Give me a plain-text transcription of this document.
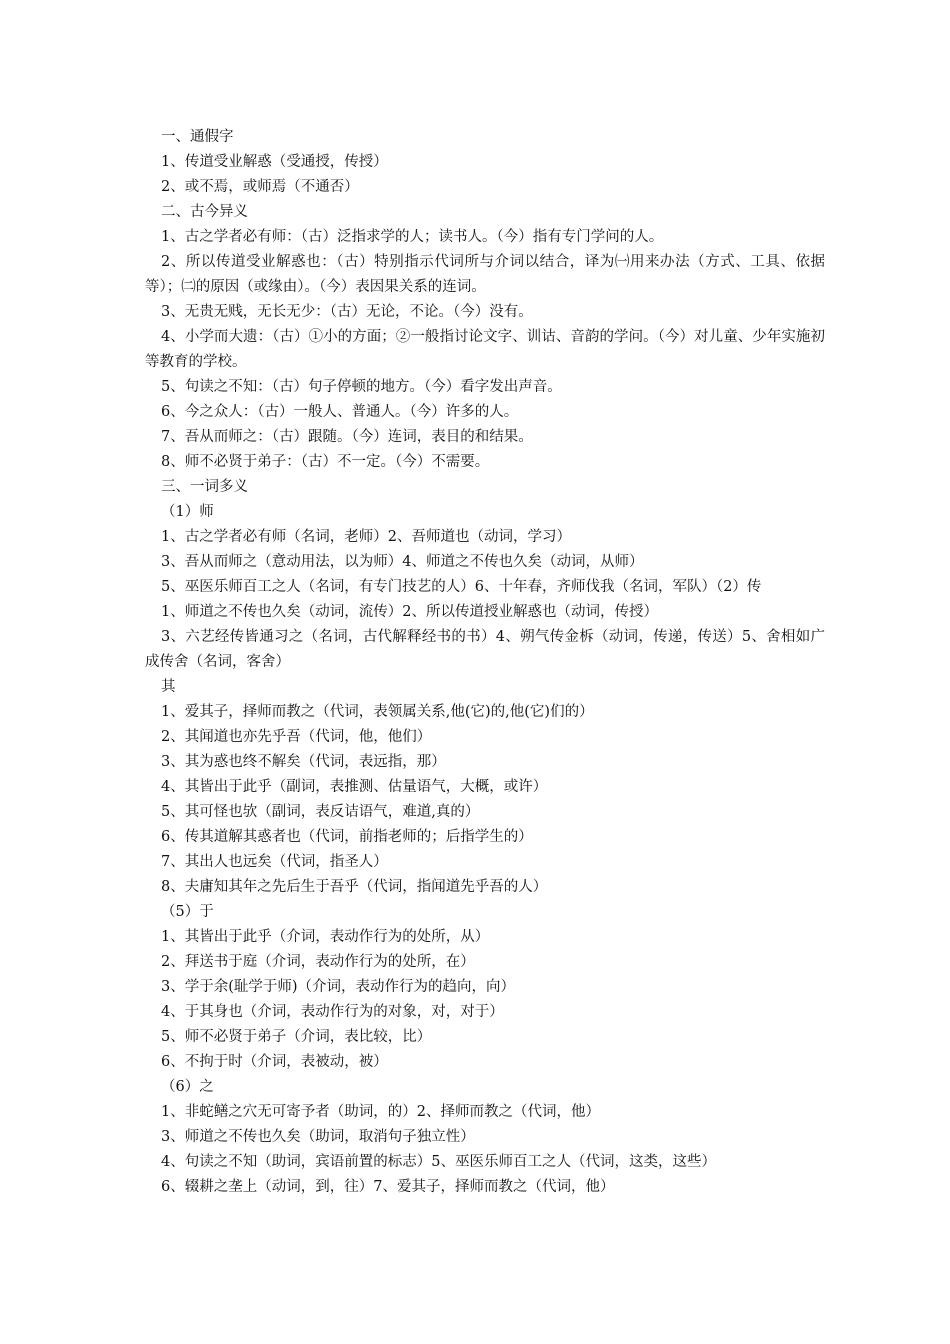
一、通假字
1、传道受业解惑（受通授，传授）
2、或不焉，或师焉（不通否）
二、古今异义
1、古之学者必有师：（古）泛指求学的人；读书人。（今）指有专门学问的人。
2、所以传道受业解惑也：（古）特别指示代词所与介词以结合，译为㈠用来办法（方式、工具、依据等）；㈡的原因（或缘由）。（今）表因果关系的连词。
3、无贵无贱，无长无少：（古）无论，不论。（今）没有。
4、小学而大遗：（古）①小的方面；②一般指讨论文字、训诂、音韵的学问。（今）对儿童、少年实施初等教育的学校。
5、句读之不知：（古）句子停顿的地方。（今）看字发出声音。
6、今之众人：（古）一般人、普通人。（今）许多的人。
7、吾从而师之：（古）跟随。（今）连词，表目的和结果。
8、师不必贤于弟子：（古）不一定。（今）不需要。
三、一词多义
（1）师
1、古之学者必有师（名词，老师）2、吾师道也（动词，学习）
3、吾从而师之（意动用法，以为师）4、师道之不传也久矣（动词，从师）
5、巫医乐师百工之人（名词，有专门技艺的人）6、十年春，齐师伐我（名词，军队）（2）传
1、师道之不传也久矣（动词，流传）2、所以传道授业解惑也（动词，传授）
3、六艺经传皆通习之（名词，古代解释经书的书）4、朔气传金柝（动词，传递，传送）5、舍相如广成传舍（名词，客舍）
其
1、爱其子，择师而教之（代词，表领属关系,他(它)的,他(它)们的）
2、其闻道也亦先乎吾（代词，他，他们）
3、其为惑也终不解矣（代词，表远指，那）
4、其皆出于此乎（副词，表推测、估量语气，大概，或许）
5、其可怪也欤（副词，表反诘语气，难道,真的）
6、传其道解其惑者也（代词，前指老师的；后指学生的）
7、其出人也远矣（代词，指圣人）
8、夫庸知其年之先后生于吾乎（代词，指闻道先乎吾的人）
（5）于
1、其皆出于此乎（介词，表动作行为的处所，从）
2、拜送书于庭（介词，表动作行为的处所，在）
3、学于余(耻学于师)（介词，表动作行为的趋向，向）
4、于其身也（介词，表动作行为的对象，对，对于）
5、师不必贤于弟子（介词，表比较，比）
6、不拘于时（介词，表被动，被）
（6）之
1、非蛇鳝之穴无可寄予者（助词，的）2、择师而教之（代词，他）
3、师道之不传也久矣（助词，取消句子独立性）
4、句读之不知（助词，宾语前置的标志）5、巫医乐师百工之人（代词，这类，这些）
6、辍耕之垄上（动词，到，往）7、爱其子，择师而教之（代词，他）
